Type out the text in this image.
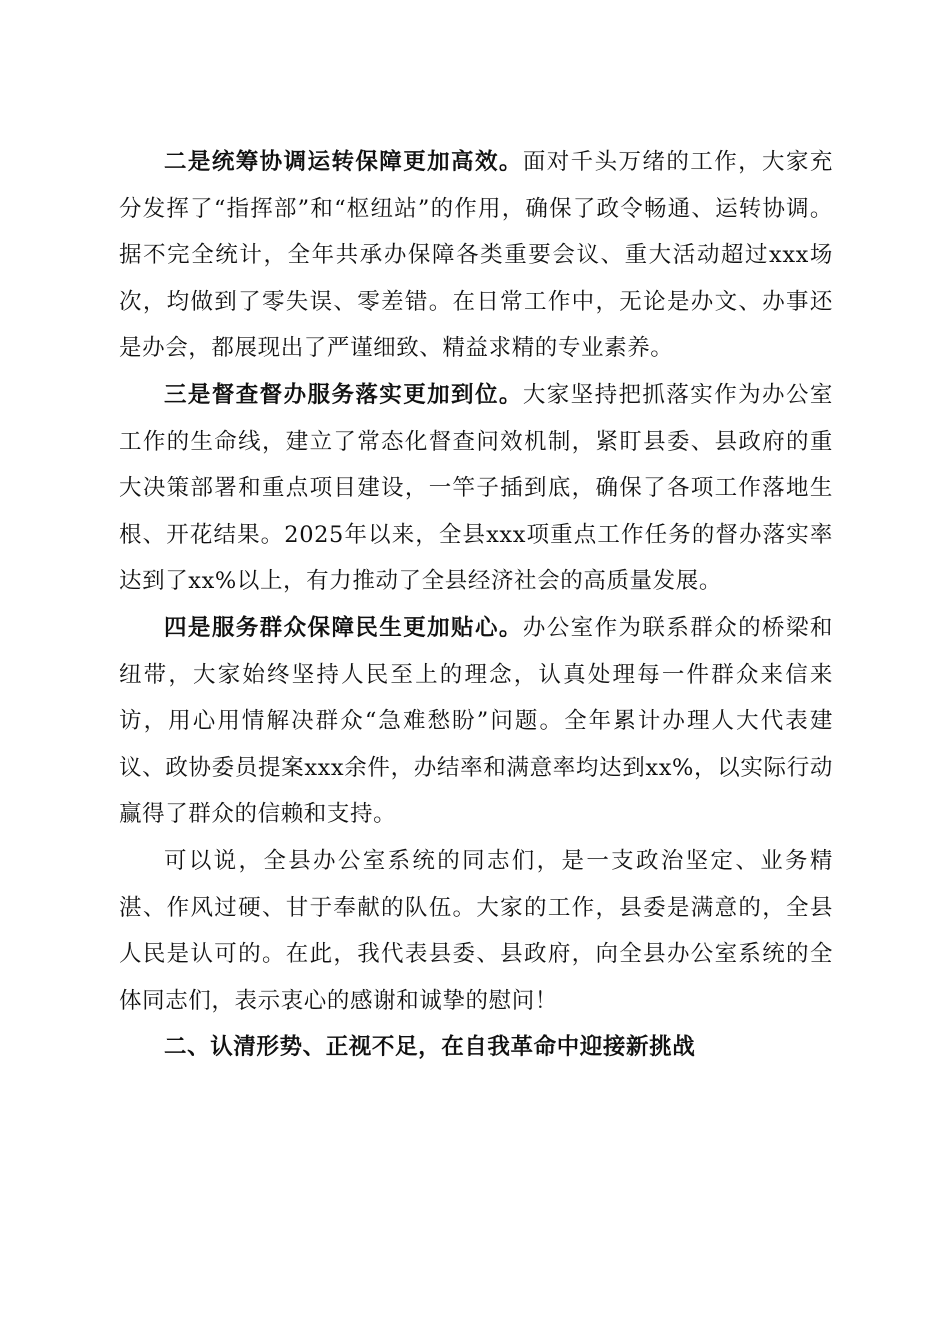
二是统筹协调运转保障更加高效。面对千头万绪的工作，大家充分发挥了“指挥部”和“枢纽站”的作用，确保了政令畅通、运转协调。据不完全统计，全年共承办保障各类重要会议、重大活动超过xxx场次，均做到了零失误、零差错。在日常工作中，无论是办文、办事还是办会，都展现出了严谨细致、精益求精的专业素养。

三是督查督办服务落实更加到位。大家坚持把抓落实作为办公室工作的生命线，建立了常态化督查问效机制，紧盯县委、县政府的重大决策部署和重点项目建设，一竿子插到底，确保了各项工作落地生根、开花结果。2025年以来，全县xxx项重点工作任务的督办落实率达到了xx%以上，有力推动了全县经济社会的高质量发展。

四是服务群众保障民生更加贴心。办公室作为联系群众的桥梁和纽带，大家始终坚持人民至上的理念，认真处理每一件群众来信来访，用心用情解决群众“急难愁盼”问题。全年累计办理人大代表建议、政协委员提案xxx余件，办结率和满意率均达到xx%，以实际行动赢得了群众的信赖和支持。

可以说，全县办公室系统的同志们，是一支政治坚定、业务精湛、作风过硬、甘于奉献的队伍。大家的工作，县委是满意的，全县人民是认可的。在此，我代表县委、县政府，向全县办公室系统的全体同志们，表示衷心的感谢和诚挚的慰问！

二、认清形势、正视不足，在自我革命中迎接新挑战
